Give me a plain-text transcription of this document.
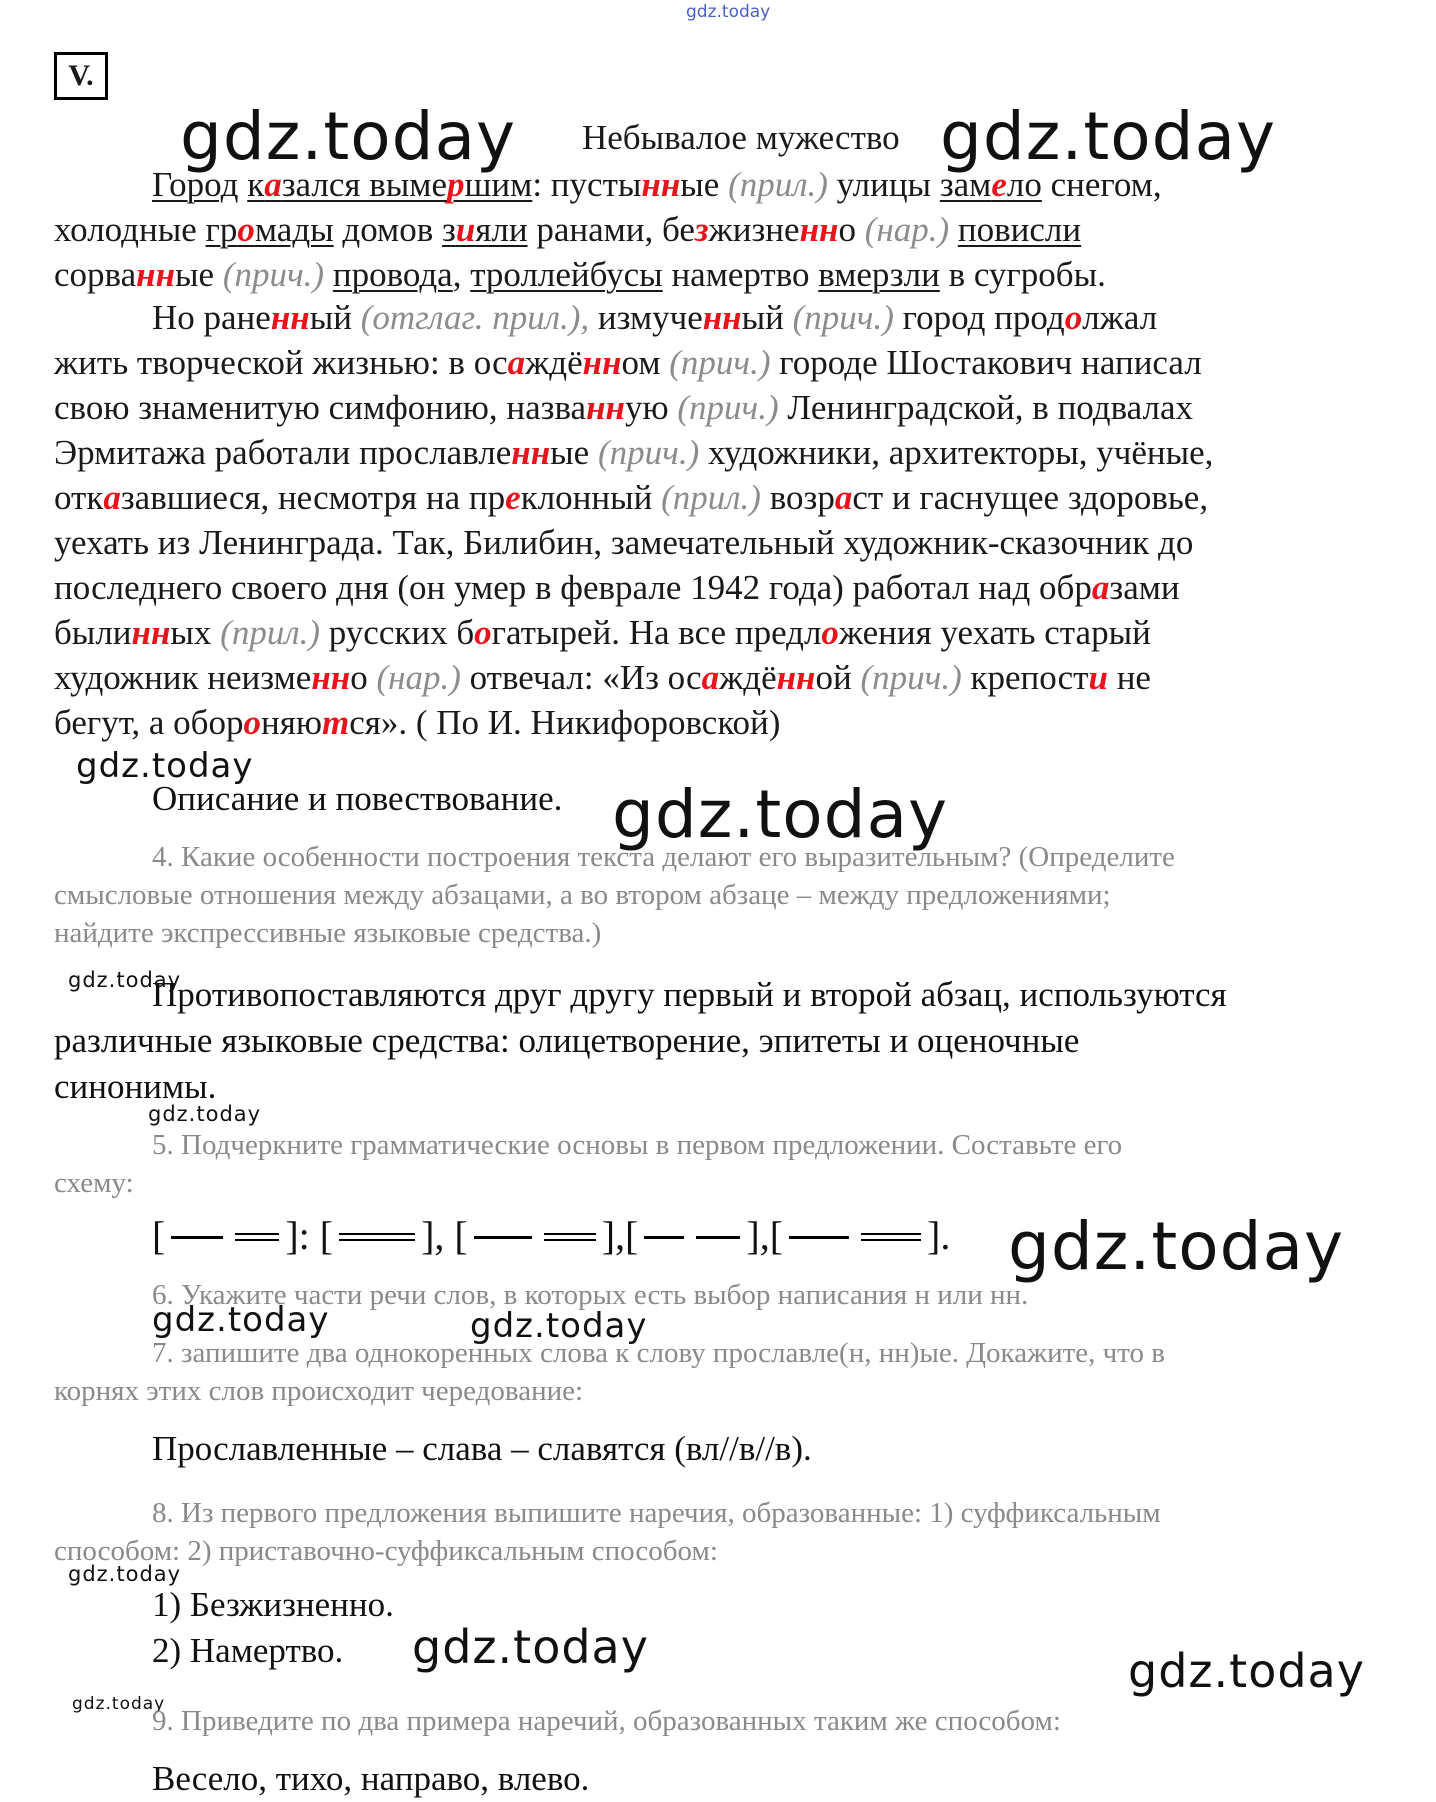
gdz.today
gdz.today	gdz.today
gdz.today
gdz.today
gdz.today
gdz.today
gdz.today
gdz.today	gdz.today
gdz.today
gdz.today	gdz.today
gdz.today
V.
Небывалое мужество
Город казался вымершим: пустынные (прил.) улицы замело снегом,
холодные громады домов зияли ранами, безжизненно (нар.) повисли
сорванные (прич.) провода, троллейбусы намертво вмерзли в сугробы.
Но раненный (отглаг. прил.), измученный (прич.) город продолжал
жить творческой жизнью: в осаждённом (прич.) городе Шостакович написал
свою знаменитую симфонию, названную (прич.) Ленинградской, в подвалах
Эрмитажа работали прославленные (прич.) художники, архитекторы, учёные,
отказавшиеся, несмотря на преклонный (прил.) возраст и гаснущее здоровье,
уехать из Ленинграда. Так, Билибин, замечательный художник-сказочник до
последнего своего дня (он умер в феврале 1942 года) работал над образами
былинных (прил.) русских богатырей. На все предложения уехать старый
художник неизменно (нар.) отвечал: «Из осаждённой (прич.) крепости не
бегут, а обороняются». ( По И. Никифоровской)
Описание и повествование.
4. Какие особенности построения текста делают его выразительным? (Определите
смысловые отношения между абзацами, а во втором абзаце – между предложениями;
найдите экспрессивные языковые средства.)
Противопоставляются друг другу первый и второй абзац, используются
различные языковые средства: олицетворение, эпитеты и оценочные
синонимы.
5. Подчеркните грамматические основы в первом предложении. Составьте его
схему:
[	]: [ ], [	],[	],[	].
6. Укажите части речи слов, в которых есть выбор написания н или нн.
7. запишите два однокоренных слова к слову прославле(н, нн)ые. Докажите, что в
корнях этих слов происходит чередование:
Прославленные – слава – славятся (вл//в//в).
8. Из первого предложения выпишите наречия, образованные: 1) суффиксальным
способом: 2) приставочно-суффиксальным способом:
1) Безжизненно.
2) Намертво.
9. Приведите по два примера наречий, образованных таким же способом:
Весело, тихо, направо, влево.
